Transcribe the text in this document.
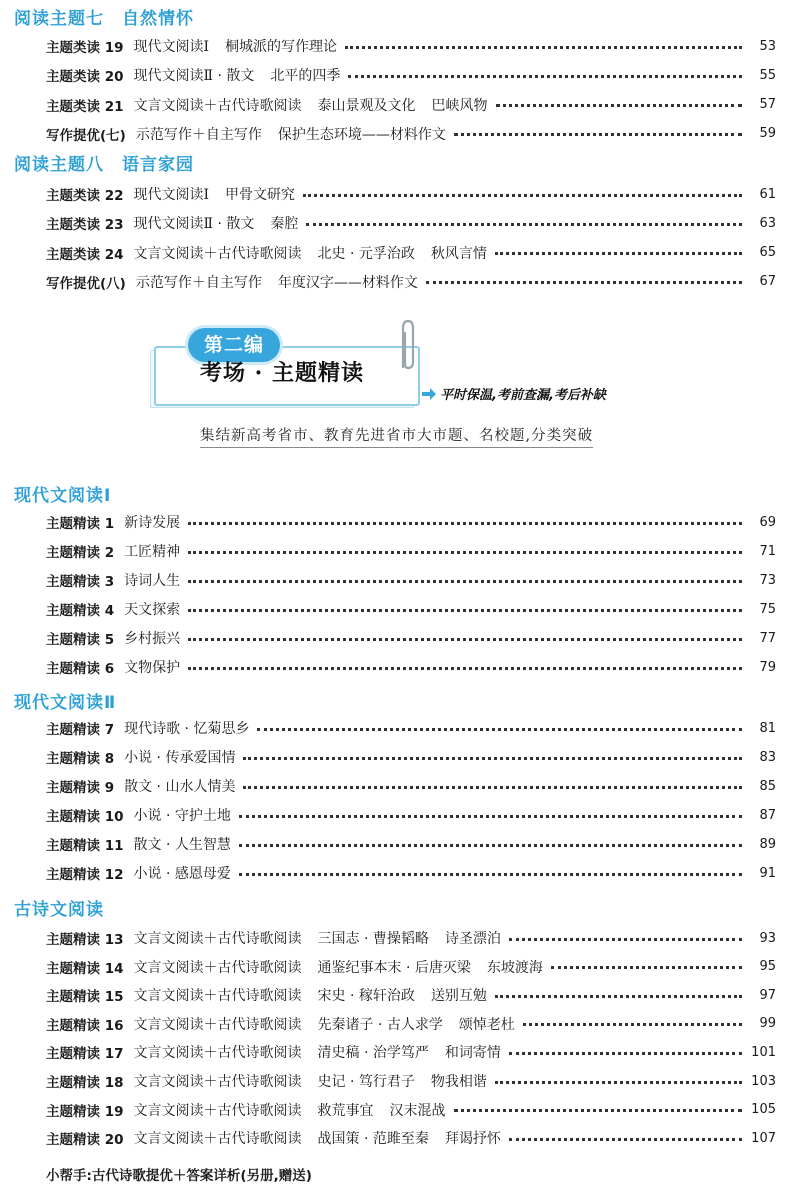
阅读主题七　自然情怀
主题类读 19 现代文阅读Ⅰ 桐城派的写作理论	53
主题类读 20 现代文阅读Ⅱ · 散文 北平的四季	55
主题类读 21 文言文阅读＋古代诗歌阅读 泰山景观及文化 巴峡风物	57
写作提优(七) 示范写作＋自主写作 保护生态环境——材料作文	59
阅读主题八　语言家园
主题类读 22 现代文阅读Ⅰ 甲骨文研究	61
主题类读 23 现代文阅读Ⅱ · 散文 秦腔	63
主题类读 24 文言文阅读＋古代诗歌阅读 北史 · 元孚治政 秋风言情	65
写作提优(八) 示范写作＋自主写作 年度汉字——材料作文	67
现代文阅读Ⅰ
主题精读 1 新诗发展	69
主题精读 2 工匠精神	71
主题精读 3 诗词人生	73
主题精读 4 天文探索	75
主题精读 5 乡村振兴	77
主题精读 6 文物保护	79
现代文阅读Ⅱ
主题精读 7 现代诗歌 · 忆菊思乡	81
主题精读 8 小说 · 传承爱国情	83
主题精读 9 散文 · 山水人情美	85
主题精读 10 小说 · 守护土地	87
主题精读 11 散文 · 人生智慧	89
主题精读 12 小说 · 感恩母爱	91
古诗文阅读
主题精读 13 文言文阅读＋古代诗歌阅读 三国志 · 曹操韬略 诗圣漂泊	93
主题精读 14 文言文阅读＋古代诗歌阅读 通鉴纪事本末 · 后唐灭梁 东坡渡海	95
主题精读 15 文言文阅读＋古代诗歌阅读 宋史 · 稼轩治政 送别互勉	97
主题精读 16 文言文阅读＋古代诗歌阅读 先秦诸子 · 古人求学 颂悼老杜	99
主题精读 17 文言文阅读＋古代诗歌阅读 清史稿 · 治学笃严 和词寄情	101
主题精读 18 文言文阅读＋古代诗歌阅读 史记 · 笃行君子 物我相谐	103
主题精读 19 文言文阅读＋古代诗歌阅读 救荒事宜 汉末混战	105
主题精读 20 文言文阅读＋古代诗歌阅读 战国策 · 范雎至秦 拜谒抒怀	107
第二编
考场 · 主题精读
平时保温,考前查漏,考后补缺
集结新高考省市、教育先进省市大市题、名校题,分类突破
小帮手:古代诗歌提优＋答案详析(另册,赠送)
